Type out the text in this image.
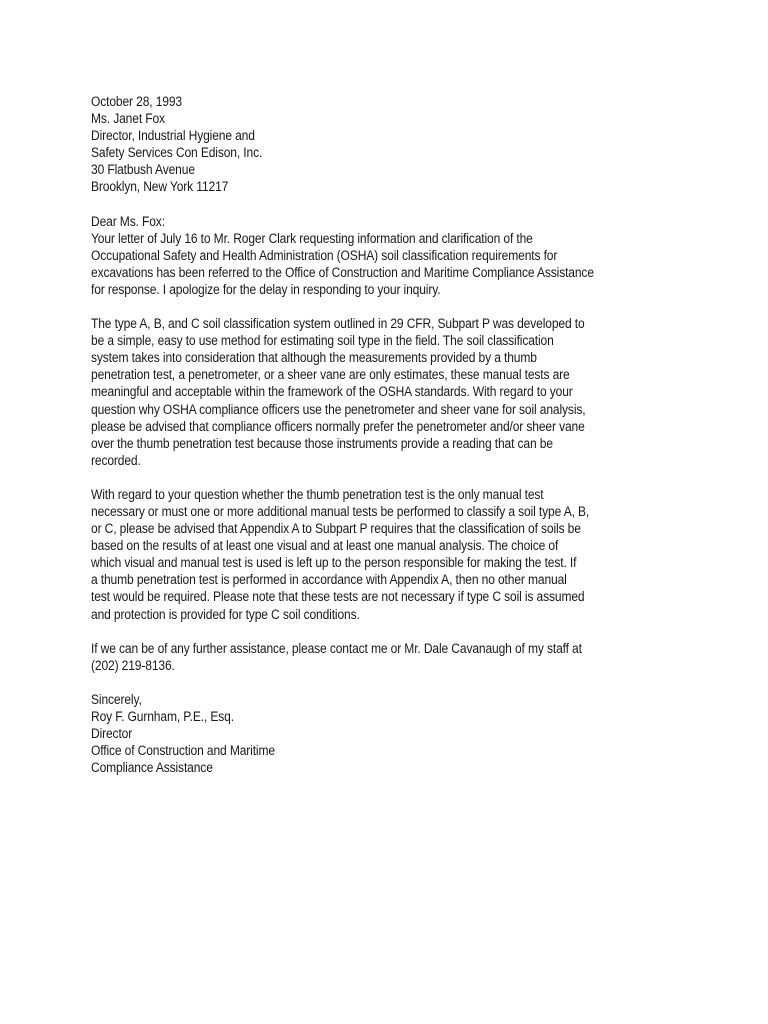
October 28, 1993

Ms. Janet Fox
Director, Industrial Hygiene and
Safety Services Con Edison, Inc.
30 Flatbush Avenue
Brooklyn, New York 11217

Dear Ms. Fox:

Your letter of July 16 to Mr. Roger Clark requesting information and clarification of the
Occupational Safety and Health Administration (OSHA) soil classification requirements for
excavations has been referred to the Office of Construction and Maritime Compliance Assistance
for response. I apologize for the delay in responding to your inquiry.
The type A, B, and C soil classification system outlined in 29 CFR, Subpart P was developed to
be a simple, easy to use method for estimating soil type in the field. The soil classification
system takes into consideration that although the measurements provided by a thumb
penetration test, a penetrometer, or a sheer vane are only estimates, these manual tests are
meaningful and acceptable within the framework of the OSHA standards. With regard to your
question why OSHA compliance officers use the penetrometer and sheer vane for soil analysis,
please be advised that compliance officers normally prefer the penetrometer and/or sheer vane
over the thumb penetration test because those instruments provide a reading that can be
recorded.
With regard to your question whether the thumb penetration test is the only manual test
necessary or must one or more additional manual tests be performed to classify a soil type A, B,
or C, please be advised that Appendix A to Subpart P requires that the classification of soils be
based on the results of at least one visual and at least one manual analysis. The choice of
which visual and manual test is used is left up to the person responsible for making the test. If
a thumb penetration test is performed in accordance with Appendix A, then no other manual
test would be required. Please note that these tests are not necessary if type C soil is assumed
and protection is provided for type C soil conditions.
If we can be of any further assistance, please contact me or Mr. Dale Cavanaugh of my staff at
(202) 219-8136.

Sincerely,

Roy F. Gurnham, P.E., Esq.
Director
Office of Construction and Maritime
Compliance Assistance
